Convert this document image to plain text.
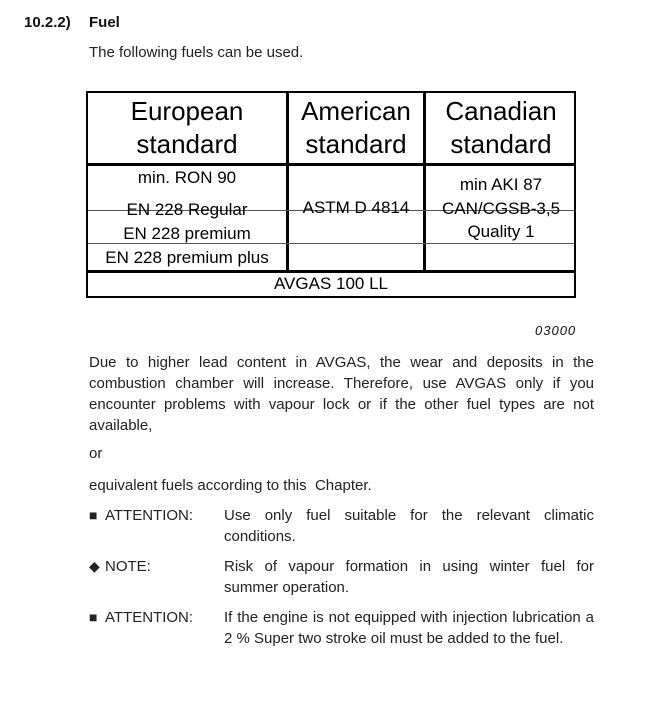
10.2.2) Fuel
The following fuels can be used.
European
standard
American
standard
Canadian
standard
min. RON 90
EN 228 Regular
EN 228 premium
EN 228 premium plus
ASTM D 4814
min AKI 87
CAN/CGSB-3,5
Quality 1
AVGAS 100 LL
03000
Due to higher lead content in AVGAS, the wear and deposits in the combustion chamber will increase. Therefore, use AVGAS only if you encounter problems with vapour lock or if the other fuel types are not available,
or
equivalent fuels according to this  Chapter.
■ ATTENTION: Use only fuel suitable for the relevant climatic conditions.
◆ NOTE:	Risk of vapour formation in using winter fuel for summer operation.
■ ATTENTION: If the engine is not equipped with injection lubrication a 2 % Super two stroke oil must be added to the fuel.
